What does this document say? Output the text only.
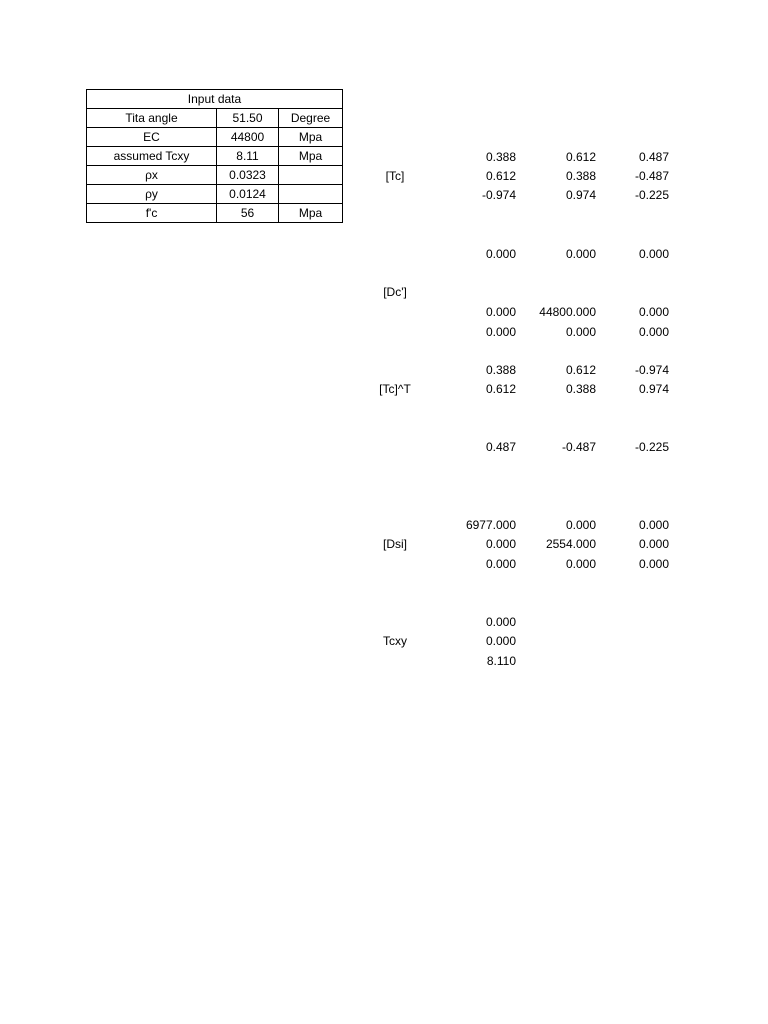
Input data		
Tita angle	51.50	Degree
EC	44800	Mpa
assumed Tcxy	8.11	Mpa
ρx	0.0323	
ρy	0.0124	
f'c	56	Mpa
[Tc]
0.388	0.612	0.487
0.612	0.388	-0.487
-0.974	0.974	-0.225
[Dc']
0.000	0.000	0.000
0.000	44800.000	0.000
0.000	0.000	0.000
[Tc]^T
0.388	0.612	-0.974
0.612	0.388	0.974
0.487	-0.487	-0.225
[Dsi]
6977.000	0.000	0.000
0.000	2554.000	0.000
0.000	0.000	0.000
Tcxy
0.000
0.000
8.110
